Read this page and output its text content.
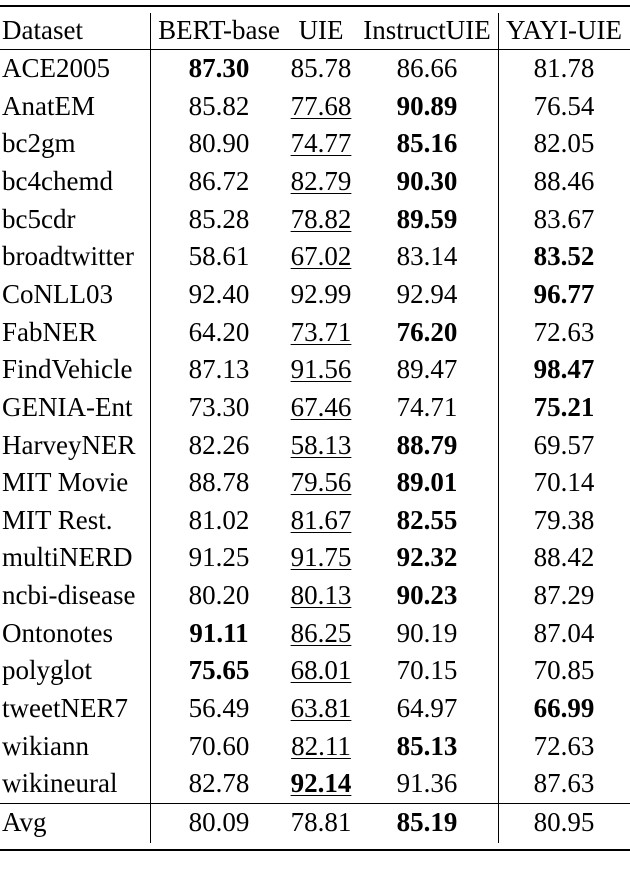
Dataset	BERT-base UIE InstructUIE YAYI-UIE
ACE2005	87.30	85.78	86.66	81.78
AnatEM	85.82	77.68	90.89	76.54
bc2gm	80.90	74.77	85.16	82.05
bc4chemd	86.72	82.79	90.30	88.46
bc5cdr	85.28	78.82	89.59	83.67
broadtwitter	58.61	67.02	83.14	83.52
CoNLL03	92.40	92.99	92.94	96.77
FabNER	64.20	73.71	76.20	72.63
FindVehicle	87.13	91.56	89.47	98.47
GENIA-Ent	73.30	67.46	74.71	75.21
HarveyNER	82.26	58.13	88.79	69.57
MIT Movie	88.78	79.56	89.01	70.14
MIT Rest.	81.02	81.67	82.55	79.38
multiNERD	91.25	91.75	92.32	88.42
ncbi-disease	80.20	80.13	90.23	87.29
Ontonotes	91.11	86.25	90.19	87.04
polyglot	75.65	68.01	70.15	70.85
tweetNER7	56.49	63.81	64.97	66.99
wikiann	70.60	82.11	85.13	72.63
wikineural	82.78	92.14	91.36	87.63
Avg	80.09	78.81	85.19	80.95
